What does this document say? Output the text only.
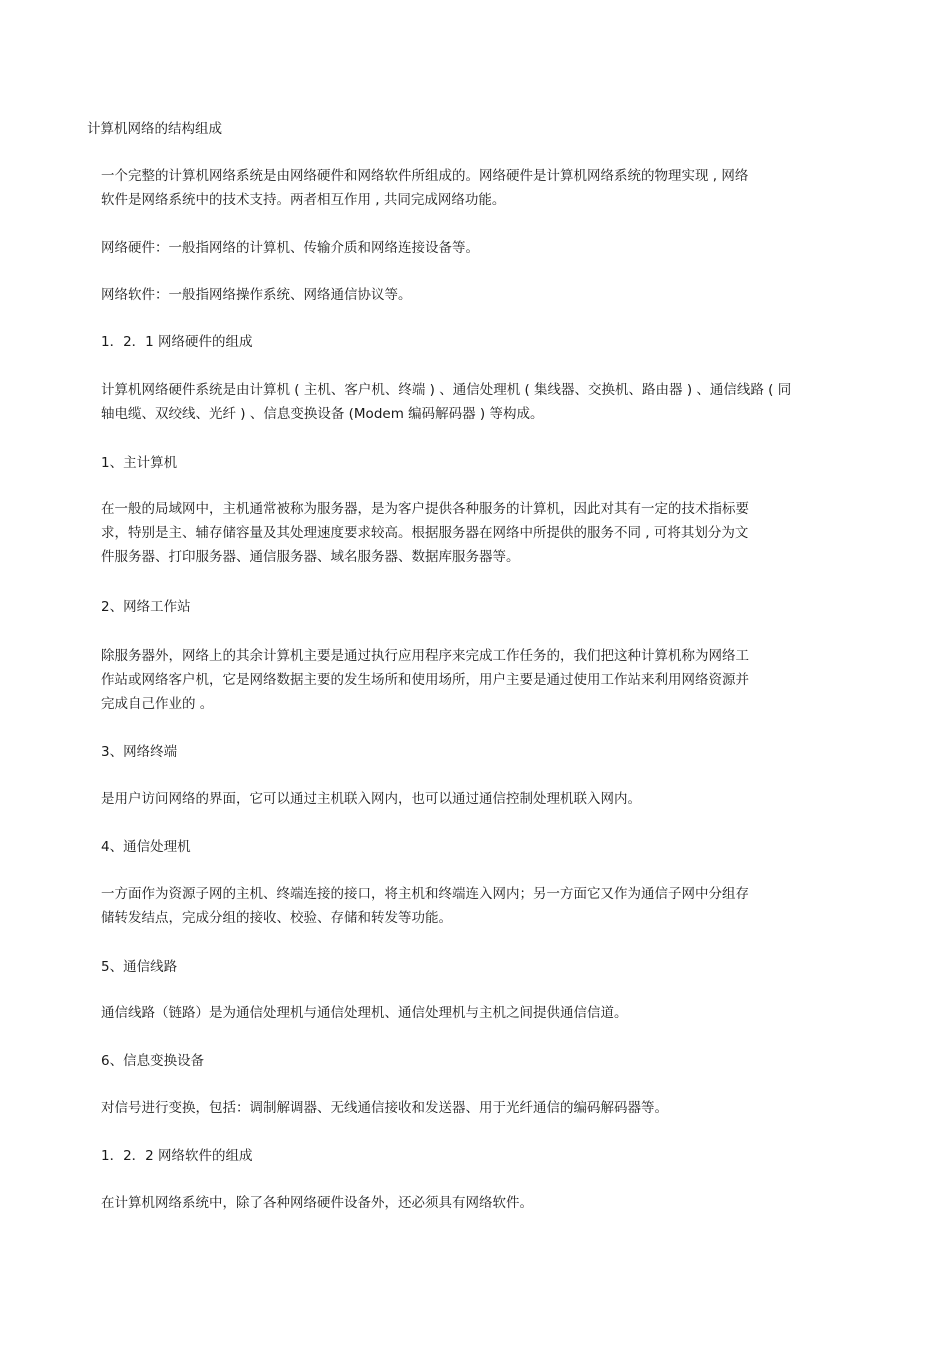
计算机网络的结构组成
一个完整的计算机网络系统是由网络硬件和网络软件所组成的。网络硬件是计算机网络系统的物理实现 , 网络
软件是网络系统中的技术支持。两者相互作用 , 共同完成网络功能。
网络硬件：一般指网络的计算机、传输介质和网络连接设备等。
网络软件：一般指网络操作系统、网络通信协议等。
1．2．1 网络硬件的组成
计算机网络硬件系统是由计算机 ( 主机、客户机、终端 ) 、通信处理机 ( 集线器、交换机、路由器 ) 、通信线路 ( 同
轴电缆、双绞线、光纤 ) 、信息变换设备 (Modem 编码解码器 ) 等构成。
1、主计算机
在一般的局域网中，主机通常被称为服务器，是为客户提供各种服务的计算机，因此对其有一定的技术指标要
求，特别是主、辅存储容量及其处理速度要求较高。根据服务器在网络中所提供的服务不同 , 可将其划分为文
件服务器、打印服务器、通信服务器、域名服务器、数据库服务器等。
2、网络工作站
除服务器外，网络上的其余计算机主要是通过执行应用程序来完成工作任务的，我们把这种计算机称为网络工
作站或网络客户机，它是网络数据主要的发生场所和使用场所，用户主要是通过使用工作站来利用网络资源并
完成自己作业的 。
3、网络终端
是用户访问网络的界面，它可以通过主机联入网内，也可以通过通信控制处理机联入网内。
4、通信处理机
一方面作为资源子网的主机、终端连接的接口，将主机和终端连入网内；另一方面它又作为通信子网中分组存
储转发结点，完成分组的接收、校验、存储和转发等功能。
5、通信线路
通信线路（链路）是为通信处理机与通信处理机、通信处理机与主机之间提供通信信道。
6、信息变换设备
对信号进行变换，包括：调制解调器、无线通信接收和发送器、用于光纤通信的编码解码器等。
1．2．2 网络软件的组成
在计算机网络系统中，除了各种网络硬件设备外，还必须具有网络软件。
